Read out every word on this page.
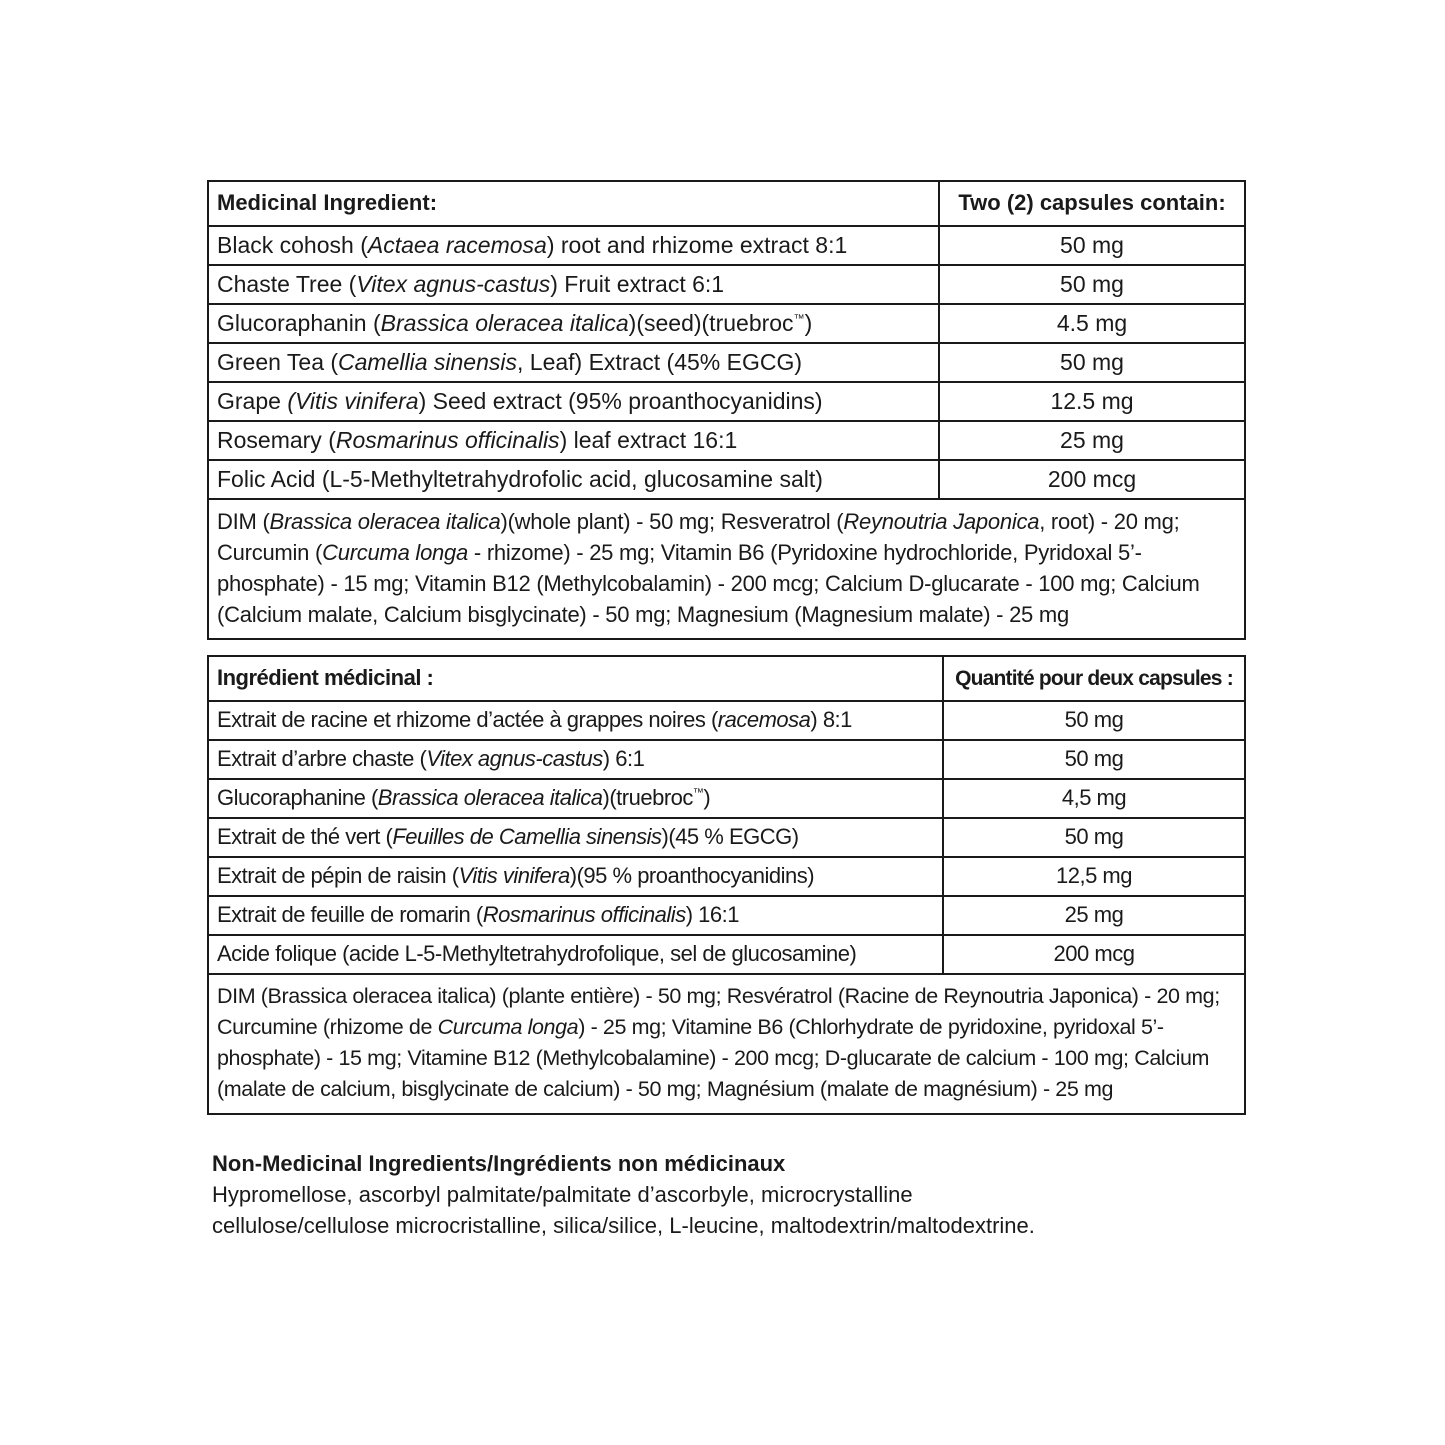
Medicinal Ingredient:	Two (2) capsules contain:
Black cohosh (Actaea racemosa) root and rhizome extract 8:1	50 mg
Chaste Tree (Vitex agnus-castus) Fruit extract 6:1	50 mg
Glucoraphanin (Brassica oleracea italica)(seed)(truebroc™)	4.5 mg
Green Tea (Camellia sinensis, Leaf) Extract (45% EGCG)	50 mg
Grape (Vitis vinifera) Seed extract (95% proanthocyanidins)	12.5 mg
Rosemary (Rosmarinus officinalis) leaf extract 16:1	25 mg
Folic Acid (L-5-Methyltetrahydrofolic acid, glucosamine salt)	200 mcg
DIM (Brassica oleracea italica)(whole plant) - 50 mg; Resveratrol (Reynoutria Japonica, root) - 20 mg; Curcumin (Curcuma longa - rhizome) - 25 mg; Vitamin B6 (Pyridoxine hydrochloride, Pyridoxal 5’-phosphate) - 15 mg; Vitamin B12 (Methylcobalamin) - 200 mcg; Calcium D-glucarate - 100 mg; Calcium (Calcium malate, Calcium bisglycinate) - 50 mg; Magnesium (Magnesium malate) - 25 mg	
Ingrédient médicinal :	Quantité pour deux capsules :
Extrait de racine et rhizome d’actée à grappes noires (racemosa) 8:1	50 mg
Extrait d’arbre chaste (Vitex agnus-castus) 6:1	50 mg
Glucoraphanine (Brassica oleracea italica)(truebroc™)	4,5 mg
Extrait de thé vert (Feuilles de Camellia sinensis)(45 % EGCG)	50 mg
Extrait de pépin de raisin (Vitis vinifera)(95 % proanthocyanidins)	12,5 mg
Extrait de feuille de romarin (Rosmarinus officinalis) 16:1	25 mg
Acide folique (acide L-5-Methyltetrahydrofolique, sel de glucosamine)	200 mcg
DIM (Brassica oleracea italica) (plante entière) - 50 mg; Resvératrol (Racine de Reynoutria Japonica) - 20 mg; Curcumine (rhizome de Curcuma longa) - 25 mg; Vitamine B6 (Chlorhydrate de pyridoxine, pyridoxal 5’-phosphate) - 15 mg; Vitamine B12 (Methylcobalamine) - 200 mcg; D-glucarate de calcium - 100 mg; Calcium (malate de calcium, bisglycinate de calcium) - 50 mg; Magnésium (malate de magnésium) - 25 mg	
Non-Medicinal Ingredients/Ingrédients non médicinaux
Hypromellose, ascorbyl palmitate/palmitate d’ascorbyle, microcrystalline cellulose/cellulose microcristalline, silica/silice, L-leucine, maltodextrin/maltodextrine.
